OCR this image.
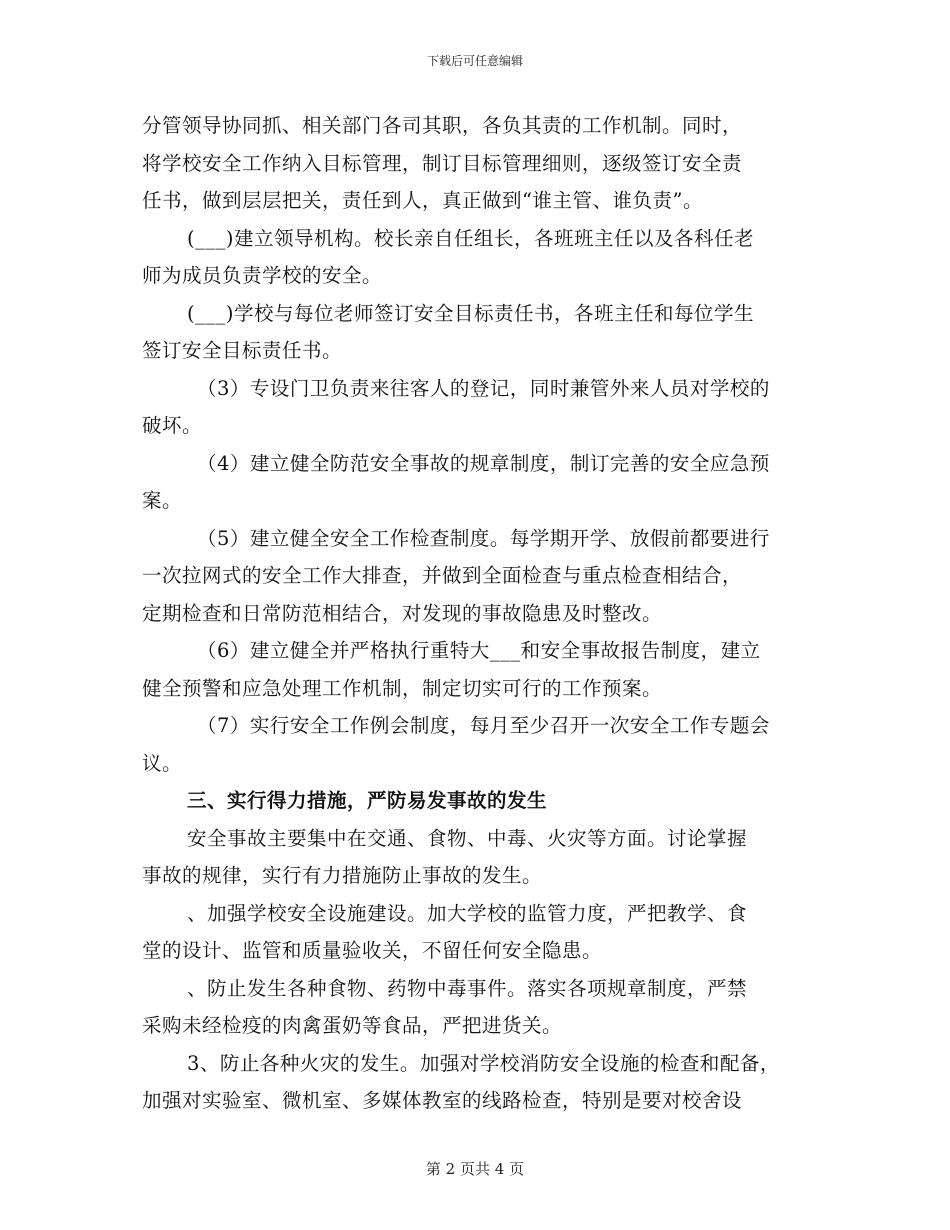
下载后可任意编辑
分管领导协同抓、相关部门各司其职，各负其责的工作机制。同时，
将学校安全工作纳入目标管理，制订目标管理细则，逐级签订安全责
任书，做到层层把关，责任到人，真正做到“谁主管、谁负责”。
(___)建立领导机构。校长亲自任组长，各班班主任以及各科任老
师为成员负责学校的安全。
(___)学校与每位老师签订安全目标责任书，各班主任和每位学生
签订安全目标责任书。
（3）专设门卫负责来往客人的登记，同时兼管外来人员对学校的
破坏。
（4）建立健全防范安全事故的规章制度，制订完善的安全应急预
案。
（5）建立健全安全工作检查制度。每学期开学、放假前都要进行
一次拉网式的安全工作大排查，并做到全面检查与重点检查相结合，
定期检查和日常防范相结合，对发现的事故隐患及时整改。
（6）建立健全并严格执行重特大___和安全事故报告制度，建立
健全预警和应急处理工作机制，制定切实可行的工作预案。
（7）实行安全工作例会制度，每月至少召开一次安全工作专题会
议。
三、实行得力措施，严防易发事故的发生
安全事故主要集中在交通、食物、中毒、火灾等方面。讨论掌握
事故的规律，实行有力措施防止事故的发生。
、加强学校安全设施建设。加大学校的监管力度，严把教学、食
堂的设计、监管和质量验收关，不留任何安全隐患。
、防止发生各种食物、药物中毒事件。落实各项规章制度，严禁
采购未经检疫的肉禽蛋奶等食品，严把进货关。
3、防止各种火灾的发生。加强对学校消防安全设施的检查和配备，
加强对实验室、微机室、多媒体教室的线路检查，特别是要对校舍设
第 2 页共 4 页
